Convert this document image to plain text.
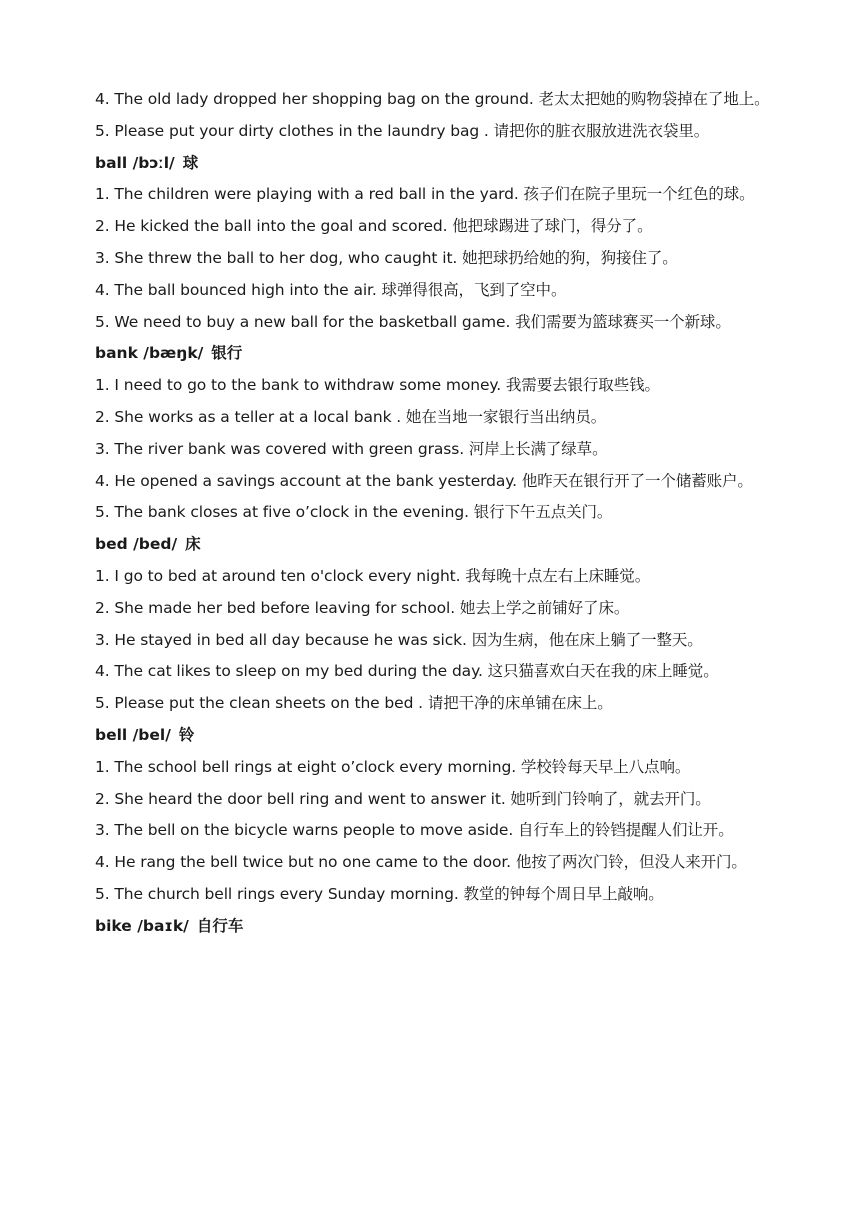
4. The old lady dropped her shopping bag on the ground. 老太太把她的购物袋掉在了地上。
5. Please put your dirty clothes in the laundry bag . 请把你的脏衣服放进洗衣袋里。
ball /bɔːl/ 球
1. The children were playing with a red ball in the yard. 孩子们在院子里玩一个红色的球。
2. He kicked the ball into the goal and scored. 他把球踢进了球门，得分了。
3. She threw the ball to her dog, who caught it. 她把球扔给她的狗，狗接住了。
4. The ball bounced high into the air. 球弹得很高，飞到了空中。
5. We need to buy a new ball for the basketball game. 我们需要为篮球赛买一个新球。
bank /bæŋk/ 银行
1. I need to go to the bank to withdraw some money. 我需要去银行取些钱。
2. She works as a teller at a local bank . 她在当地一家银行当出纳员。
3. The river bank was covered with green grass. 河岸上长满了绿草。
4. He opened a savings account at the bank yesterday. 他昨天在银行开了一个储蓄账户。
5. The bank closes at five o’clock in the evening. 银行下午五点关门。
bed /bed/ 床
1. I go to bed at around ten o'clock every night. 我每晚十点左右上床睡觉。
2. She made her bed before leaving for school. 她去上学之前铺好了床。
3. He stayed in bed all day because he was sick. 因为生病，他在床上躺了一整天。
4. The cat likes to sleep on my bed during the day. 这只猫喜欢白天在我的床上睡觉。
5. Please put the clean sheets on the bed . 请把干净的床单铺在床上。
bell /bel/ 铃
1. The school bell rings at eight o’clock every morning. 学校铃每天早上八点响。
2. She heard the door bell ring and went to answer it. 她听到门铃响了，就去开门。
3. The bell on the bicycle warns people to move aside. 自行车上的铃铛提醒人们让开。
4. He rang the bell twice but no one came to the door. 他按了两次门铃，但没人来开门。
5. The church bell rings every Sunday morning. 教堂的钟每个周日早上敲响。
bike /baɪk/ 自行车
